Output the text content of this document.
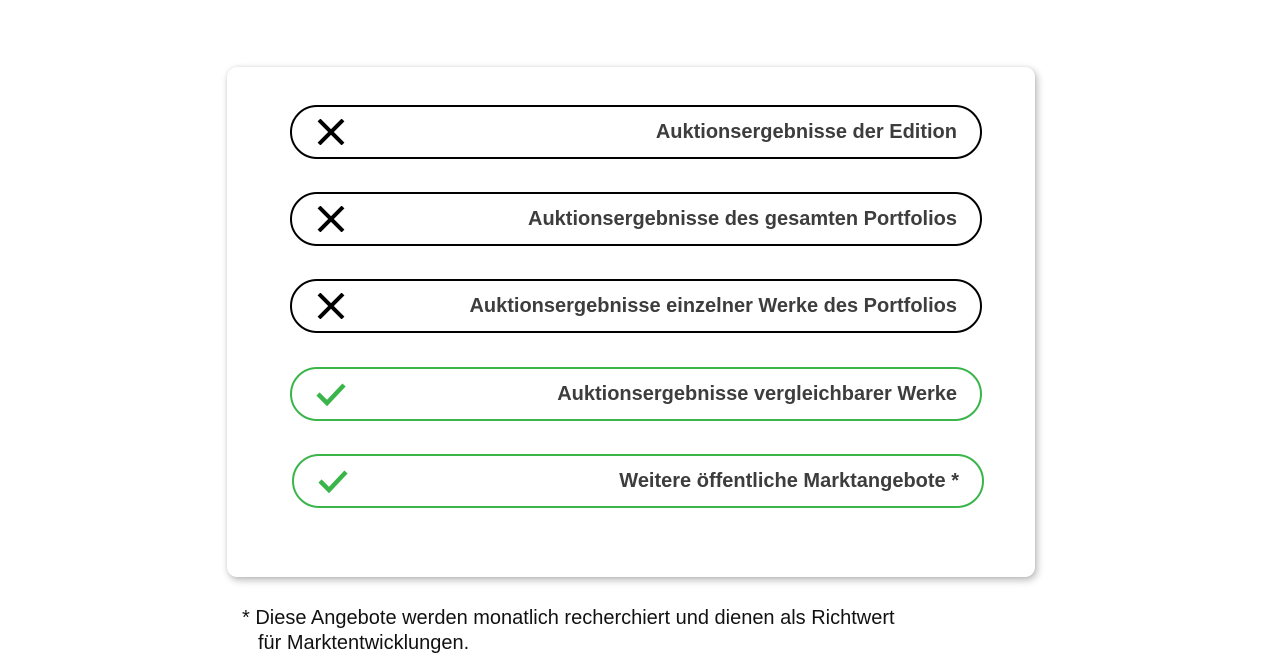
Auktionsergebnisse der Edition
Auktionsergebnisse des gesamten Portfolios
Auktionsergebnisse einzelner Werke des Portfolios
Auktionsergebnisse vergleichbarer Werke
Weitere öffentliche Marktangebote *
* Diese Angebote werden monatlich recherchiert und dienen als Richtwert
für Marktentwicklungen.
